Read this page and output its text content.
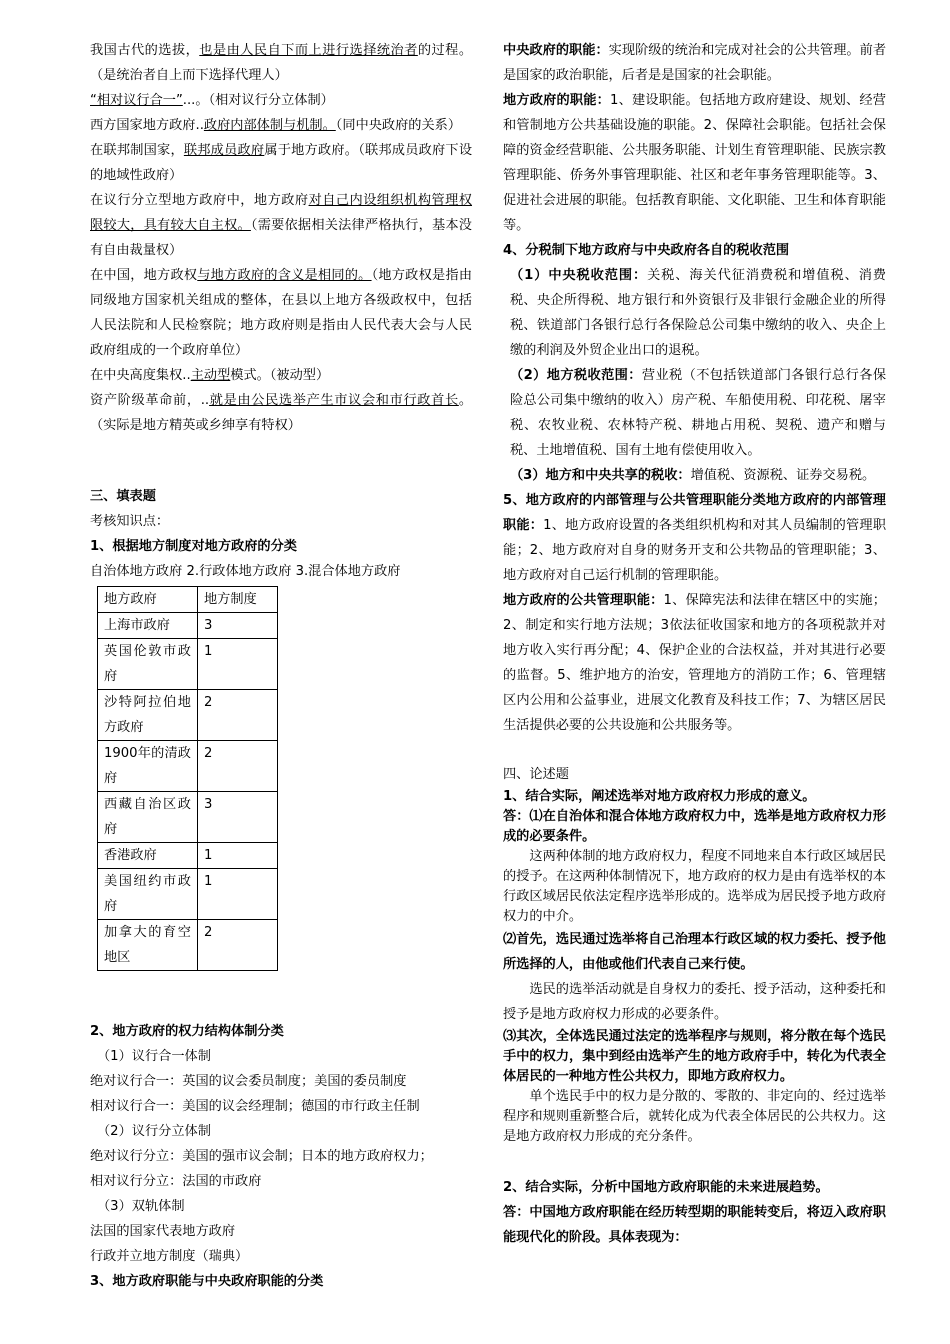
我国古代的选拔，也是由人民自下而上进行选择统治者的过程。（是统治者自上而下选择代理人）

“相对议行合一”...。（相对议行分立体制）

西方国家地方政府..政府内部体制与机制。（同中央政府的关系）

在联邦制国家，联邦成员政府属于地方政府。（联邦成员政府下设的地域性政府）

在议行分立型地方政府中，地方政府对自己内设组织机构管理权限较大，具有较大自主权。（需要依据相关法律严格执行，基本没有自由裁量权）

在中国，地方政权与地方政府的含义是相同的。（地方政权是指由同级地方国家机关组成的整体，在县以上地方各级政权中，包括人民法院和人民检察院；地方政府则是指由人民代表大会与人民政府组成的一个政府单位）

在中央高度集权..主动型模式。（被动型）

资产阶级革命前，..就是由公民选举产生市议会和市行政首长。（实际是地方精英或乡绅享有特权）

三、填表题

考核知识点：

1、根据地方制度对地方政府的分类

自治体地方政府 2.行政体地方政府 3.混合体地方政府

地方政府	地方制度
上海市政府	3
英国伦敦市政府	1
沙特阿拉伯地方政府	2
1900年的清政府	2
西藏自治区政府	3
香港政府	1
美国纽约市政府	1
加拿大的育空地区	2

2、地方政府的权力结构体制分类

（1）议行合一体制

绝对议行合一：英国的议会委员制度；美国的委员制度

相对议行合一：美国的议会经理制；德国的市行政主任制

（2）议行分立体制

绝对议行分立：美国的强市议会制；日本的地方政府权力；

相对议行分立：法国的市政府

（3）双轨体制

法国的国家代表地方政府

行政并立地方制度（瑞典）

3、地方政府职能与中央政府职能的分类

中央政府的职能：实现阶级的统治和完成对社会的公共管理。前者是国家的政治职能，后者是是国家的社会职能。

地方政府的职能：1、建设职能。包括地方政府建设、规划、经营和管制地方公共基础设施的职能。2、保障社会职能。包括社会保障的资金经营职能、公共服务职能、计划生育管理职能、民族宗教管理职能、侨务外事管理职能、社区和老年事务管理职能等。3、促进社会进展的职能。包括教育职能、文化职能、卫生和体育职能等。

4、分税制下地方政府与中央政府各自的税收范围

（1）中央税收范围：关税、海关代征消费税和增值税、消费税、央企所得税、地方银行和外资银行及非银行金融企业的所得税、铁道部门各银行总行各保险总公司集中缴纳的收入、央企上缴的利润及外贸企业出口的退税。

（2）地方税收范围：营业税（不包括铁道部门各银行总行各保险总公司集中缴纳的收入）房产税、车船使用税、印花税、屠宰税、农牧业税、农林特产税、耕地占用税、契税、遗产和赠与税、土地增值税、国有土地有偿使用收入。

（3）地方和中央共享的税收：增值税、资源税、证券交易税。

5、地方政府的内部管理与公共管理职能分类地方政府的内部管理职能：1、地方政府设置的各类组织机构和对其人员编制的管理职能；2、地方政府对自身的财务开支和公共物品的管理职能；3、地方政府对自己运行机制的管理职能。

地方政府的公共管理职能：1、保障宪法和法律在辖区中的实施；2、制定和实行地方法规；3依法征收国家和地方的各项税款并对地方收入实行再分配；4、保护企业的合法权益，并对其进行必要的监督。5、维护地方的治安，管理地方的消防工作；6、管理辖区内公用和公益事业，进展文化教育及科技工作；7、为辖区居民生活提供必要的公共设施和公共服务等。

四、论述题

1、结合实际，阐述选举对地方政府权力形成的意义。

答：⑴在自治体和混合体地方政府权力中，选举是地方政府权力形成的必要条件。

这两种体制的地方政府权力，程度不同地来自本行政区域居民的授予。在这两种体制情况下，地方政府的权力是由有选举权的本行政区域居民依法定程序选举形成的。选举成为居民授予地方政府权力的中介。

⑵首先，选民通过选举将自己治理本行政区域的权力委托、授予他所选择的人，由他或他们代表自己来行使。

选民的选举活动就是自身权力的委托、授予活动，这种委托和授予是地方政府权力形成的必要条件。

⑶其次，全体选民通过法定的选举程序与规则，将分散在每个选民手中的权力，集中到经由选举产生的地方政府手中，转化为代表全体居民的一种地方性公共权力，即地方政府权力。

单个选民手中的权力是分散的、零散的、非定向的、经过选举程序和规则重新整合后，就转化成为代表全体居民的公共权力。这是地方政府权力形成的充分条件。

2、结合实际，分析中国地方政府职能的未来进展趋势。

答：中国地方政府职能在经历转型期的职能转变后，将迈入政府职能现代化的阶段。具体表现为：
